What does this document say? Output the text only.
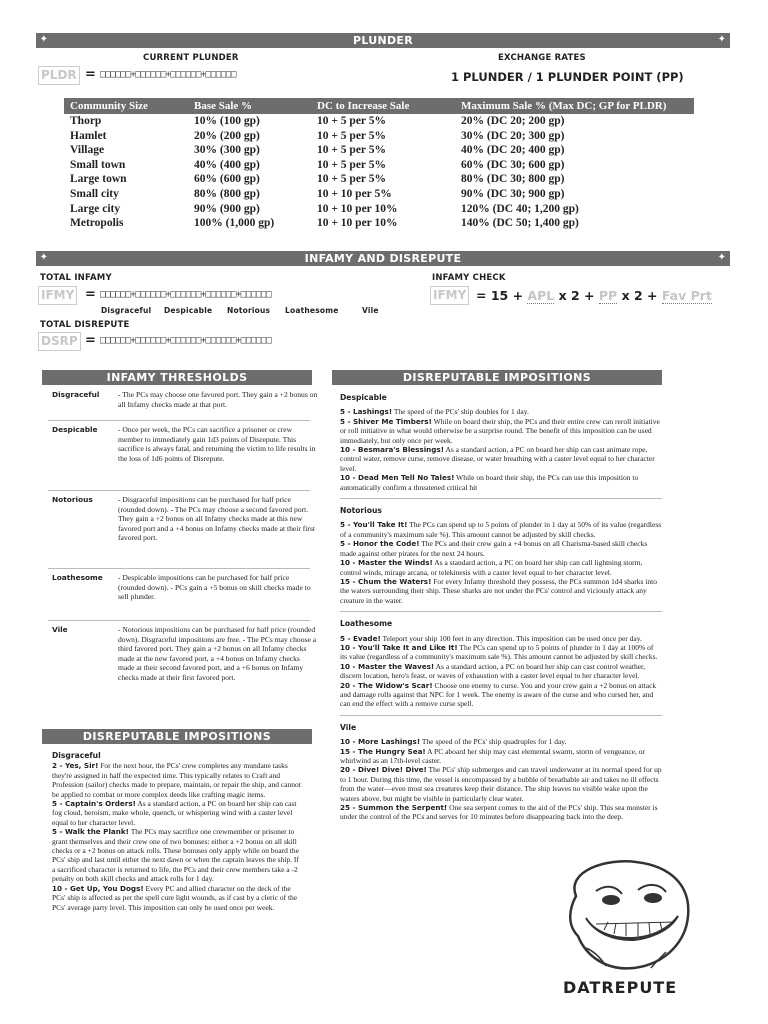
✦	PLUNDER	✦
CURRENT PLUNDER	EXCHANGE RATES
PLDR = □□□□□□+□□□□□□+□□□□□□+□□□□□□	1 PLUNDER / 1 PLUNDER POINT (PP)
Community Size	Base Sale %	DC to Increase Sale	Maximum Sale % (Max DC; GP for PLDR)
Thorp	10% (100 gp)	10 + 5 per 5%	20% (DC 20; 200 gp)
Hamlet	20% (200 gp)	10 + 5 per 5%	30% (DC 20; 300 gp)
Village	30% (300 gp)	10 + 5 per 5%	40% (DC 20; 400 gp)
Small town	40% (400 gp)	10 + 5 per 5%	60% (DC 30; 600 gp)
Large town	60% (600 gp)	10 + 5 per 5%	80% (DC 30; 800 gp)
Small city	80% (800 gp)	10 + 10 per 5%	90% (DC 30; 900 gp)
Large city	90% (900 gp)	10 + 10 per 10%	120% (DC 40; 1,200 gp)
Metropolis	100% (1,000 gp)	10 + 10 per 10%	140% (DC 50; 1,400 gp)
✦	INFAMY AND DISREPUTE	✦
TOTAL INFAMY
IFMY = □□□□□□+□□□□□□+□□□□□□+□□□□□□+□□□□□□
Disgraceful Despicable Notorious Loathesome	Vile
TOTAL DISREPUTE
DSRP = □□□□□□+□□□□□□+□□□□□□+□□□□□□+□□□□□□
INFAMY CHECK
IFMY = 15 + APL x 2 + PP x 2 + Fav Prt
INFAMY THRESHOLDS
Disgraceful - The PCs may choose one favored port. They gain a +2 bonus on all Infamy checks made at that port.
Despicable	- Once per week, the PCs can sacrifice a prisoner or crew member to immediately gain 1d3 points of Disrepute. This sacrifice is always fatal, and returning the victim to life results in the loss of 1d6 points of Disrepute.
Notorious	- Disgraceful impositions can be purchased for half price (rounded down). - The PCs may choose a second favored port. They gain a +2 bonus on all Infamy checks made at this new favored port and a +4 bonus on Infamy checks made at their first favored port.
Loathesome - Despicable impositions can be purchased for half price (rounded down). - PCs gain a +5 bonus on skill checks made to sell plunder.
Vile	- Notorious impositions can be purchased for half price (rounded down). Disgraceful impositions are free. - The PCs may choose a third favored port. They gain a +2 bonus on all Infamy checks made at the new favored port, a +4 bonus on Infamy checks made at their second favored port, and a +6 bonus on Infamy checks made at their first favored port.
DISREPUTABLE IMPOSITIONS
Disgraceful
2 - Yes, Sir! For the next hour, the PCs' crew completes any mundane tasks they're assigned in half the expected time. This typically relates to Craft and Profession (sailor) checks made to prepare, maintain, or repair the ship, and cannot be applied to combat or more complex deeds like crafting magic items.
5 - Captain's Orders! As a standard action, a PC on board her ship can cast fog cloud, heroism, make whole, quench, or whispering wind with a caster level equal to her character level.
5 - Walk the Plank! The PCs may sacrifice one crewmember or prisoner to grant themselves and their crew one of two bonuses: either a +2 bonus on all skill checks or a +2 bonus on attack rolls. These bonuses only apply while on board the PCs' ship and last until either the next dawn or when the captain leaves the ship. If a sacrificed character is returned to life, the PCs and their crew members take a -2 penalty on both skill checks and attack rolls for 1 day.
10 - Get Up, You Dogs! Every PC and allied character on the deck of the PCs' ship is affected as per the spell cure light wounds, as if cast by a cleric of the PCs' average party level. This imposition can only be used once per week.
DISREPUTABLE IMPOSITIONS
Despicable
5 - Lashings! The speed of the PCs' ship doubles for 1 day.
5 - Shiver Me Timbers! While on board their ship, the PCs and their entire crew can reroll initiative or roll initiative in what would otherwise be a surprise round. The benefit of this imposition can be used immediately, but only once per week.
10 - Besmara's Blessings! As a standard action, a PC on board her ship can cast animate rope, control water, remove curse, remove disease, or water breathing with a caster level equal to her character level.
10 - Dead Men Tell No Tales! While on board their ship, the PCs can use this imposition to automatically confirm a threatened critical hit
Notorious
5 - You'll Take It! The PCs can spend up to 5 points of plunder in 1 day at 50% of its value (regardless of a community's maximum sale %). This amount cannot be adjusted by skill checks.
5 - Honor the Code! The PCs and their crew gain a +4 bonus on all Charisma-based skill checks made against other pirates for the next 24 hours.
10 - Master the Winds! As a standard action, a PC on board her ship can call lightning storm, control winds, mirage arcana, or telekinesis with a caster level equal to her character level.
15 - Chum the Waters! For every Infamy threshold they possess, the PCs summon 1d4 sharks into the waters surrounding their ship. These sharks are not under the PCs' control and viciously attack any creature in the water.
Loathesome
5 - Evade! Teleport your ship 100 feet in any direction. This imposition can be used once per day.
10 - You'll Take It and Like It! The PCs can spend up to 5 points of plunder in 1 day at 100% of its value (regardless of a community's maximum sale %). This amount cannot be adjusted by skill checks.
10 - Master the Waves! As a standard action, a PC on board her ship can cast control weather, discern location, hero's feast, or waves of exhaustion with a caster level equal to her character level.
20 - The Widow's Scar! Choose one enemy to curse. You and your crew gain a +2 bonus on attack and damage rolls against that NPC for 1 week. The enemy is aware of the curse and who cursed her, and can end the effect with a remove curse spell.
Vile
10 - More Lashings! The speed of the PCs' ship quadruples for 1 day.
15 - The Hungry Sea! A PC aboard her ship may cast elemental swarm, storm of vengeance, or whirlwind as an 17th-level caster.
20 - Dive! Dive! Dive! The PCs' ship submerges and can travel underwater at its normal speed for up to 1 hour. During this time, the vessel is encompassed by a bubble of breathable air and takes no ill effects from the water—even most sea creatures keep their distance. The ship leaves no visible wake upon the waters above, but might be visible in particularly clear water.
25 - Summon the Serpent! One sea serpent comes to the aid of the PCs' ship. This sea monster is under the control of the PCs and serves for 10 minutes before disappearing back into the deep.
DATREPUTE
